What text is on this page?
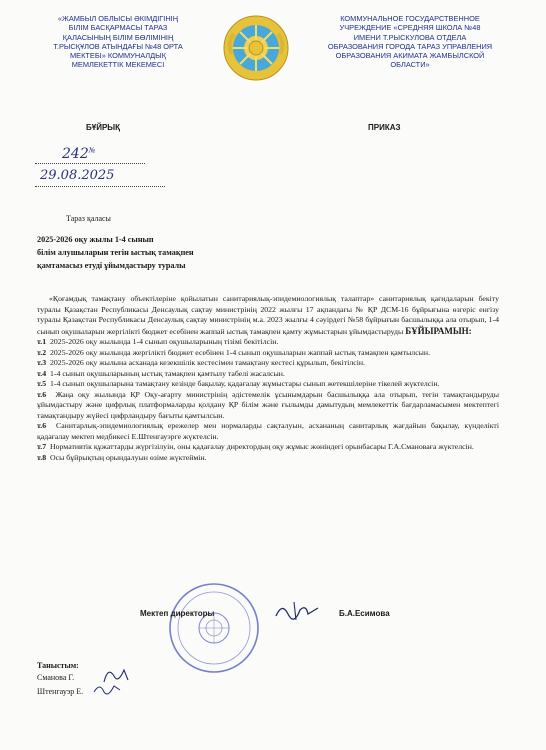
«ЖАМБЫЛ ОБЛЫСЫ ӘКІМДІГІНІҢ
БІЛІМ БАСҚАРМАСЫ ТАРАЗ
ҚАЛАСЫНЫҢ БІЛІМ БӨЛІМІНІҢ
Т.РЫСҚҰЛОВ АТЫНДАҒЫ №48 ОРТА
МЕКТЕБІ» КОММУНАЛДЫҚ
МЕМЛЕКЕТТІК МЕКЕМЕСІ
КОММУНАЛЬНОЕ ГОСУДАРСТВЕННОЕ
УЧРЕЖДЕНИЕ «СРЕДНЯЯ ШКОЛА №48
ИМЕНИ Т.РЫСКУЛОВА ОТДЕЛА
ОБРАЗОВАНИЯ ГОРОДА ТАРАЗ УПРАВЛЕНИЯ
ОБРАЗОВАНИЯ АКИМАТА ЖАМБЫЛСКОЙ
ОБЛАСТИ»
БҰЙРЫҚ	ПРИКАЗ
242№
29.08.2025
Тараз қаласы
2025-2026 оқу жылы 1-4 сынып
білім алушыларын тегін ыстық тамақпен
қамтамасыз етуді ұйымдастыру туралы

«Қоғамдық тамақтану объектілеріне қойылатын санитариялық-эпидемиологиялық талаптар» санитариялық қағидаларын бекіту туралы Қазақстан Республикасы Денсаулық сақтау министрінің 2022 жылғы 17 ақпандағы № ҚР ДСМ-16 бұйрығына өзгеріс енгізу туралы Қазақстан Республикасы Денсаулық сақтау министрінің м.а. 2023 жылғы 4 сәуірдегі №58 бұйрығын басшылыққа ала отырып, 1-4 сынып оқушыларын жергілікті бюджет есебінен жаппай ыстық тамақпен қамту жұмыстарын ұйымдастыруды БҰЙЫРАМЫН:

т.1 2025-2026 оқу жылында 1-4 сынып оқушыларының тізімі бекітілсін.

т.2 2025-2026 оқу жылында жергілікті бюджет есебінен 1-4 сынып оқушыларын жаппай ыстық тамақпен қамтылсын.

т.3 2025-2026 оқу жылына асханада кезекшілік кестесімен тамақтану кестесі құрылып, бекітілсін.

т.4 1-4 сынып оқушыларының ыстық тамақпен қамтылу табелі жасалсын.

т.5 1-4 сынып оқушыларына тамақтану кезінде бақылау, қадағалау жұмыстары сынып жетекшілеріне тікелей жүктелсін.

т.6 Жаңа оқу жылында ҚР Оқу-ағарту министрінің әдістемелік ұсынымдарын басшылыққа ала отырып, тегін тамақтандыруды ұйымдастыру және цифрлық платформаларды қолдану ҚР білім және ғылымды дамытудың мемлекеттік бағдарламасымен мектептегі тамақтандыру жүйесі цифрландыру бағыты қамтылсын.

т.6 Санитарлық-эпидемиологиялық ережелер мен нормаларды сақталуын, асхананың санитарлық жағдайын бақылау, күнделікті қадағалау мектеп медбикесі Е.Штенгауэрге жүктелсін.

т.7 Нормативтік құжаттарды жүргізілуін, оны қадағалау директордың оқу жұмыс жөніндегі орынбасары Г.А.Смановаға жүктелсін.

т.8 Осы бұйрықтың орындалуын өзіме жүктеймін.

Мектеп директоры	Б.А.Есимова
Таныстым:
Сманова Г.
Штенгауэр Е.
